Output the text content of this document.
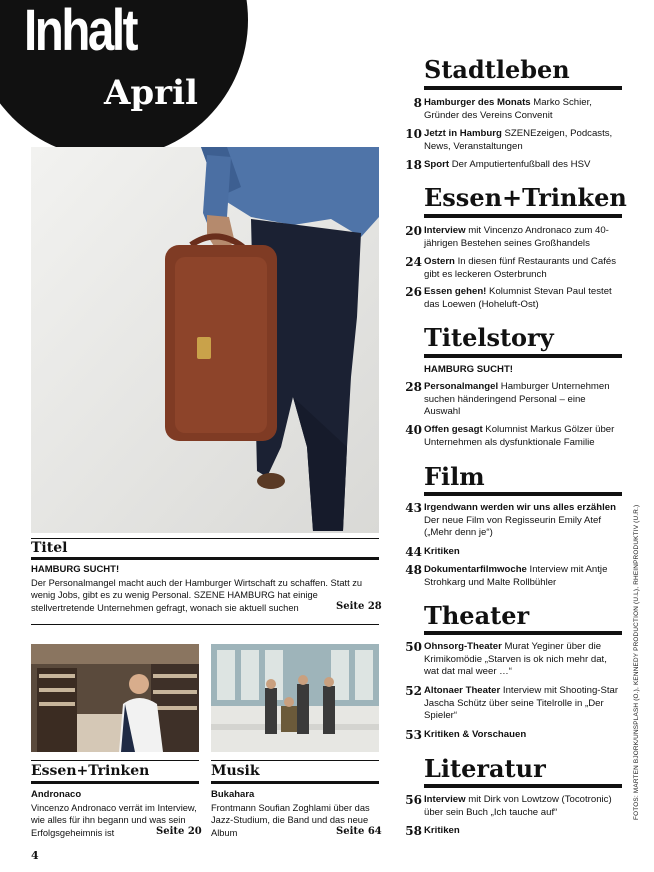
Inhalt
April
Titel
HAMBURG SUCHT!
Der Personalmangel macht auch der Hamburger Wirtschaft zu schaffen. Statt zu wenig Jobs, gibt es zu wenig Personal. SZENE HAMBURG hat einige stellvertretende Unternehmen gefragt, wonach sie aktuell suchen	Seite 28
Essen+Trinken
Andronaco
Vincenzo Andronaco verrät im Interview, wie alles für ihn begann und was sein Erfolgsgeheimnis ist	Seite 20
Musik
Bukahara
Frontmann Soufian Zoghlami über das Jazz-Studium, die Band und das neue Album	Seite 64
4
Stadtleben
8 Hamburger des Monats Marko Schier, Gründer des Vereins Convenit
10 Jetzt in Hamburg SZENEzeigen, Podcasts, News, Veranstaltungen
18 Sport Der Amputiertenfußball des HSV
Essen+Trinken
20 Interview mit Vincenzo Andronaco zum 40-jährigen Bestehen seines Großhandels
24 Ostern In diesen fünf Restaurants und Cafés gibt es leckeren Osterbrunch
26 Essen gehen! Kolumnist Stevan Paul testet das Loewen (Hoheluft-Ost)
Titelstory
HAMBURG SUCHT!
28 Personalmangel Hamburger Unternehmen suchen händeringend Personal – eine Auswahl
40 Offen gesagt Kolumnist Markus Gölzer über Unternehmen als dysfunktionale Familie
Film
43 Irgendwann werden wir uns alles erzählen Der neue Film von Regisseurin Emily Atef („Mehr denn je“)
44 Kritiken
48 Dokumentarfilmwoche Interview mit Antje Strohkarg und Malte Rollbühler
Theater
50 Ohnsorg-Theater Murat Yeginer über die Krimikomödie „Starven is ok nich mehr dat, wat dat mal weer …“
52 Altonaer Theater Interview mit Shooting-Star Jascha Schütz über seine Titelrolle in „Der Spieler“
53 Kritiken & Vorschauen
Literatur
56 Interview mit Dirk von Lowtzow (Tocotronic) über sein Buch „Ich tauche auf“
58 Kritiken
FOTOS: MARTEN BJORK/UNSPLASH (O.), KENNEDY PRODUCTION (U.L), RHEINPRODUKTIV (U.R.)
